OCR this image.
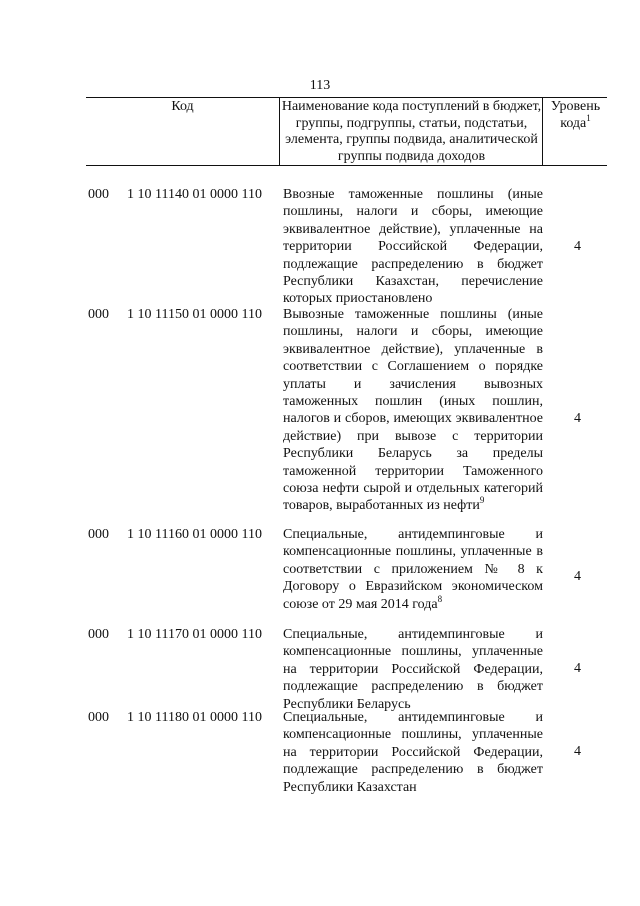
113
Код	Наименование кода поступлений в бюджет, группы, подгруппы, статьи, подстатьи, элемента, группы подвида, аналитической группы подвида доходов
Уровень кода$^1$
000 1 10 11140 01 0000 110 Ввозные таможенные пошлины (иные пошлины, налоги и сборы, имеющие эквивалентное действие), уплаченные на территории Российской Федерации, подлежащие распределению в бюджет Республики Казахстан, перечисление которых приостановлено
4
000 1 10 11150 01 0000 110 Вывозные таможенные пошлины (иные пошлины, налоги и сборы, имеющие эквивалентное действие), уплаченные в соответствии с Соглашением о порядке уплаты и зачисления вывозных таможенных пошлин (иных пошлин, налогов и сборов, имеющих эквивалентное действие) при вывозе с территории Республики Беларусь за пределы таможенной территории Таможенного союза нефти сырой и отдельных категорий товаров, выработанных из нефти$^9$
4
000 1 10 11160 01 0000 110 Специальные, антидемпинговые и компенсационные пошлины, уплаченные в соответствии с приложением № 8 к Договору о Евразийском экономическом союзе от 29 мая 2014 года$^8$
4
000 1 10 11170 01 0000 110 Специальные, антидемпинговые и компенсационные пошлины, уплаченные на территории Российской Федерации, подлежащие распределению в бюджет Республики Беларусь
4
000 1 10 11180 01 0000 110 Специальные, антидемпинговые и компенсационные пошлины, уплаченные на территории Российской Федерации, подлежащие распределению в бюджет Республики Казахстан
4
